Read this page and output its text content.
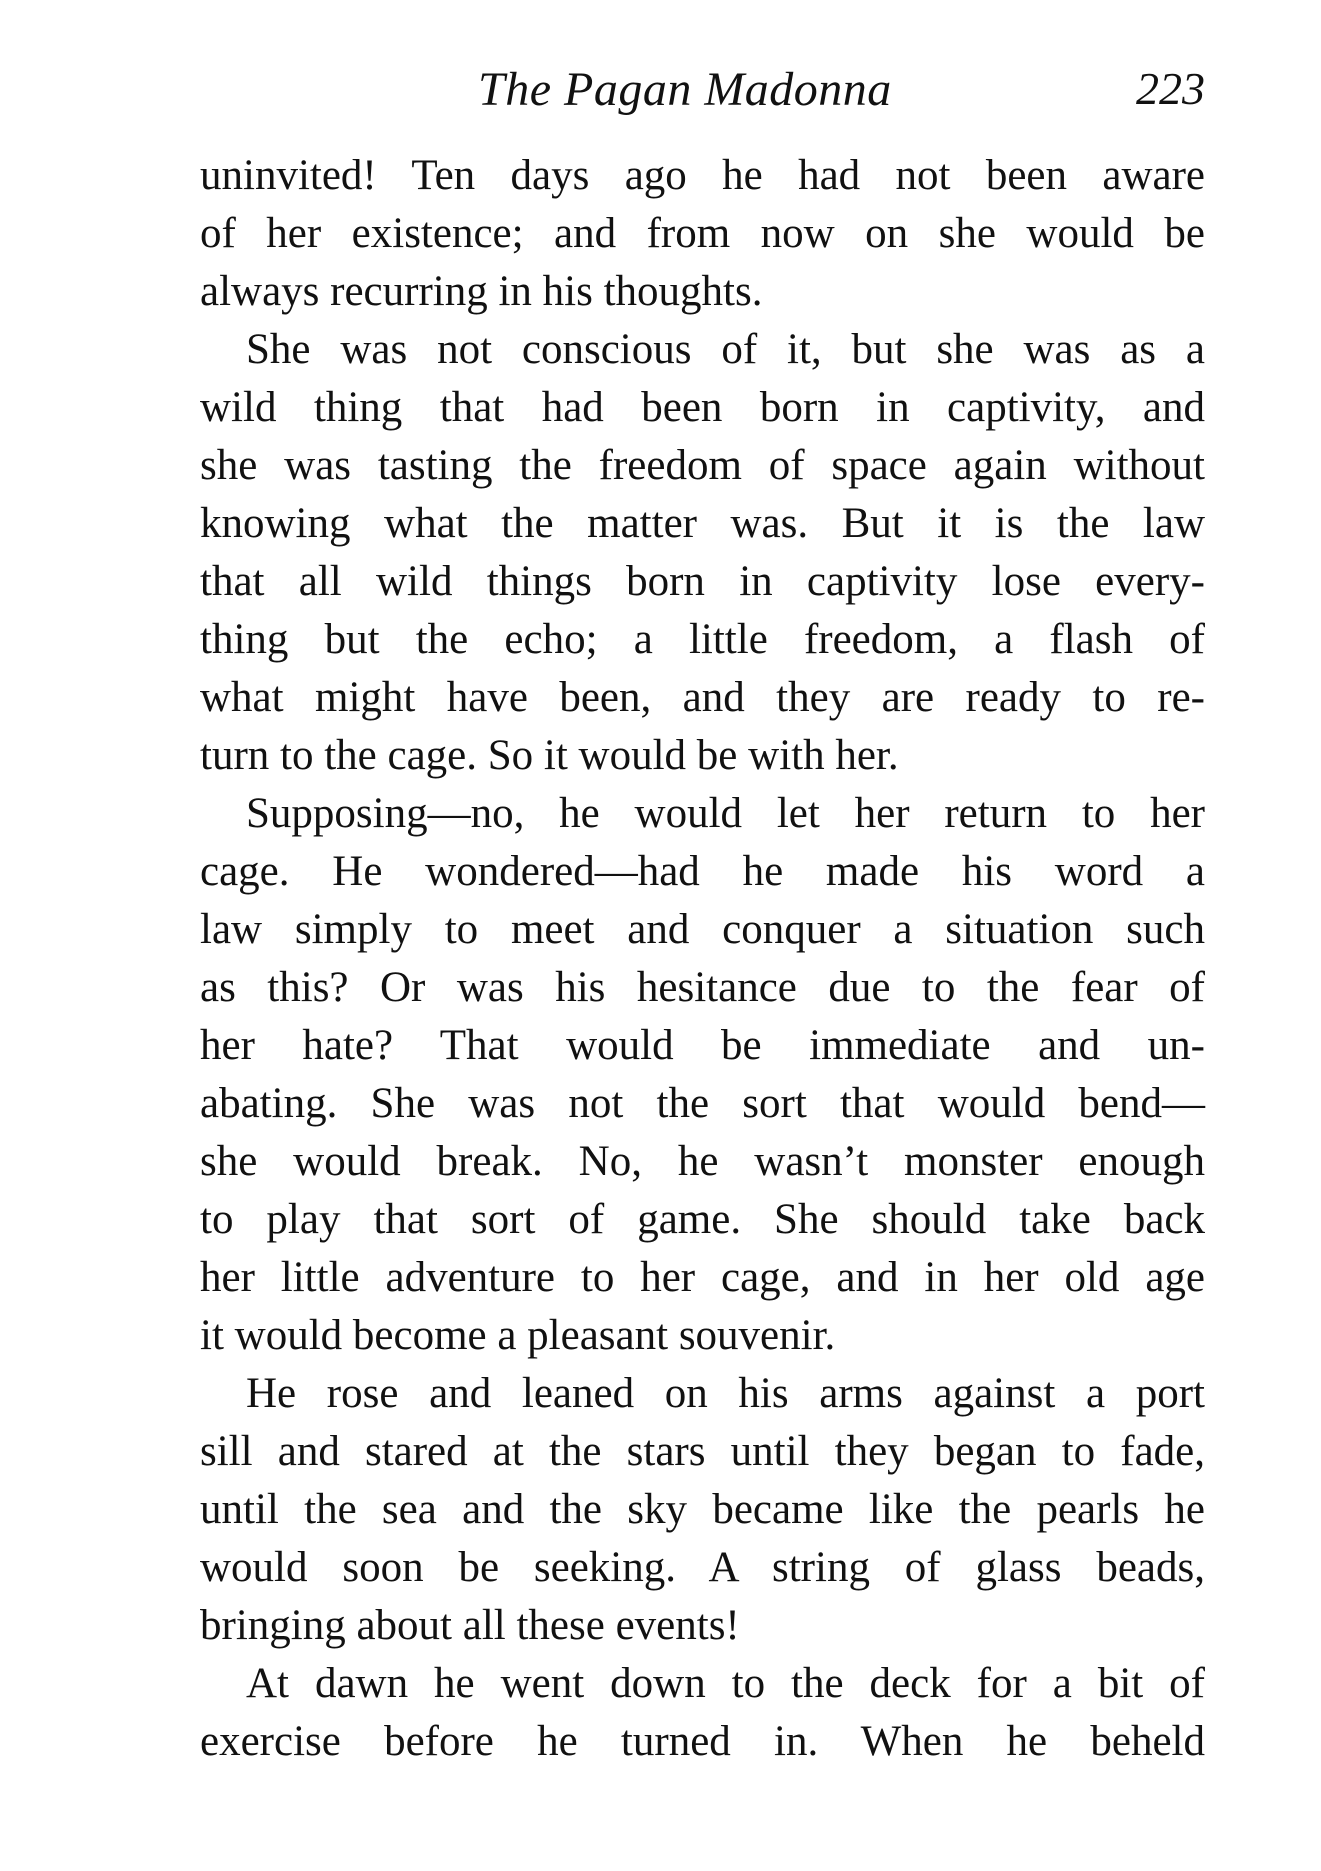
The Pagan Madonna	223
uninvited! Ten days ago he had not been aware
of her existence; and from now on she would be
always recurring in his thoughts.
She was not conscious of it, but she was as a
wild thing that had been born in captivity, and
she was tasting the freedom of space again without
knowing what the matter was. But it is the law
that all wild things born in captivity lose every-
thing but the echo; a little freedom, a flash of
what might have been, and they are ready to re-
turn to the cage. So it would be with her.
Supposing—no, he would let her return to her
cage. He wondered—had he made his word a
law simply to meet and conquer a situation such
as this? Or was his hesitance due to the fear of
her hate? That would be immediate and un-
abating. She was not the sort that would bend—
she would break. No, he wasn’t monster enough
to play that sort of game. She should take back
her little adventure to her cage, and in her old age
it would become a pleasant souvenir.
He rose and leaned on his arms against a port
sill and stared at the stars until they began to fade,
until the sea and the sky became like the pearls he
would soon be seeking. A string of glass beads,
bringing about all these events!
At dawn he went down to the deck for a bit of
exercise before he turned in. When he beheld
